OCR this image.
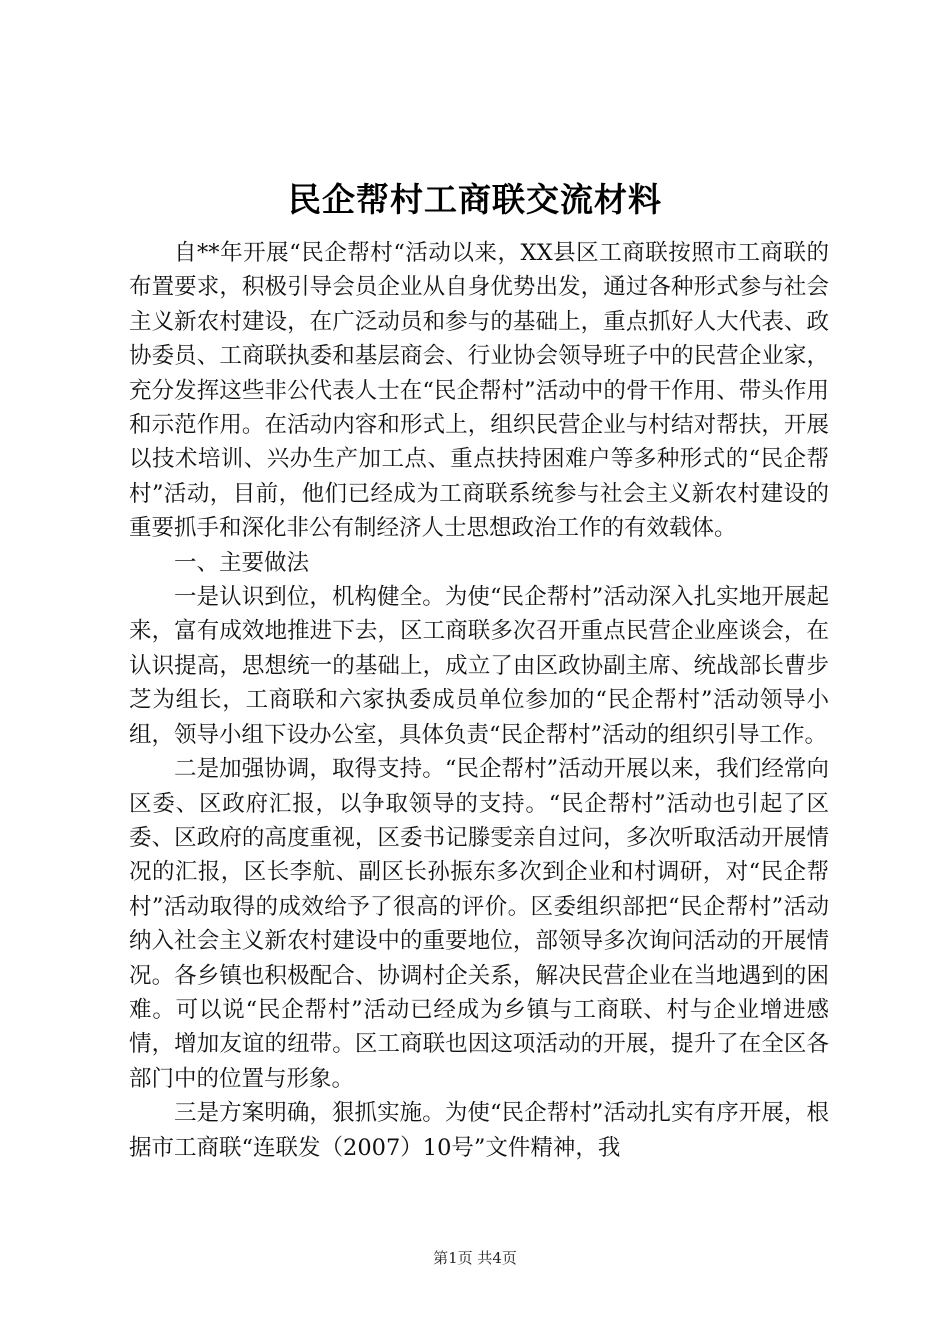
民企帮村工商联交流材料

自**年开展“民企帮村“活动以来，XX县区工商联按照市工商联的布置要求，积极引导会员企业从自身优势出发，通过各种形式参与社会主义新农村建设，在广泛动员和参与的基础上，重点抓好人大代表、政协委员、工商联执委和基层商会、行业协会领导班子中的民营企业家，充分发挥这些非公代表人士在“民企帮村”活动中的骨干作用、带头作用和示范作用。在活动内容和形式上，组织民营企业与村结对帮扶，开展以技术培训、兴办生产加工点、重点扶持困难户等多种形式的“民企帮村”活动，目前，他们已经成为工商联系统参与社会主义新农村建设的重要抓手和深化非公有制经济人士思想政治工作的有效载体。

一、主要做法

一是认识到位，机构健全。为使“民企帮村”活动深入扎实地开展起来，富有成效地推进下去，区工商联多次召开重点民营企业座谈会，在认识提高，思想统一的基础上，成立了由区政协副主席、统战部长曹步芝为组长，工商联和六家执委成员单位参加的“民企帮村”活动领导小组，领导小组下设办公室，具体负责“民企帮村”活动的组织引导工作。

二是加强协调，取得支持。“民企帮村”活动开展以来，我们经常向区委、区政府汇报，以争取领导的支持。“民企帮村”活动也引起了区委、区政府的高度重视，区委书记滕雯亲自过问，多次听取活动开展情况的汇报，区长李航、副区长孙振东多次到企业和村调研，对“民企帮村”活动取得的成效给予了很高的评价。区委组织部把“民企帮村”活动纳入社会主义新农村建设中的重要地位，部领导多次询问活动的开展情况。各乡镇也积极配合、协调村企关系，解决民营企业在当地遇到的困难。可以说“民企帮村”活动已经成为乡镇与工商联、村与企业增进感情，增加友谊的纽带。区工商联也因这项活动的开展，提升了在全区各部门中的位置与形象。

三是方案明确，狠抓实施。为使“民企帮村”活动扎实有序开展，根据市工商联“连联发（2007）10号”文件精神，我

第1页 共4页
